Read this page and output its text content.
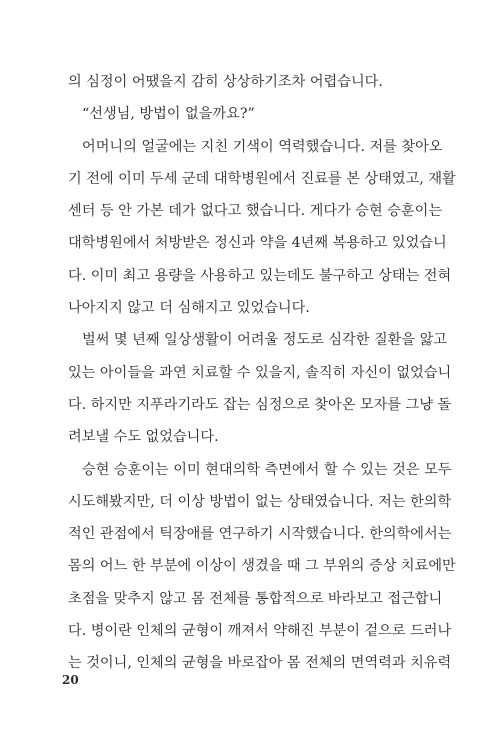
의 심정이 어땠을지 감히 상상하기조차 어렵습니다.
“선생님, 방법이 없을까요?”
어머니의 얼굴에는 지친 기색이 역력했습니다. 저를 찾아오
기 전에 이미 두세 군데 대학병원에서 진료를 본 상태였고, 재활
센터 등 안 가본 데가 없다고 했습니다. 게다가 승현 승훈이는
대학병원에서 처방받은 정신과 약을 4년째 복용하고 있었습니
다. 이미 최고 용량을 사용하고 있는데도 불구하고 상태는 전혀
나아지지 않고 더 심해지고 있었습니다.
벌써 몇 년째 일상생활이 어려울 정도로 심각한 질환을 앓고
있는 아이들을 과연 치료할 수 있을지, 솔직히 자신이 없었습니
다. 하지만 지푸라기라도 잡는 심정으로 찾아온 모자를 그냥 돌
려보낼 수도 없었습니다.
승현 승훈이는 이미 현대의학 측면에서 할 수 있는 것은 모두
시도해봤지만, 더 이상 방법이 없는 상태였습니다. 저는 한의학
적인 관점에서 틱장애를 연구하기 시작했습니다. 한의학에서는
몸의 어느 한 부분에 이상이 생겼을 때 그 부위의 증상 치료에만
초점을 맞추지 않고 몸 전체를 통합적으로 바라보고 접근합니
다. 병이란 인체의 균형이 깨져서 약해진 부분이 겉으로 드러나
는 것이니, 인체의 균형을 바로잡아 몸 전체의 면역력과 치유력
20
